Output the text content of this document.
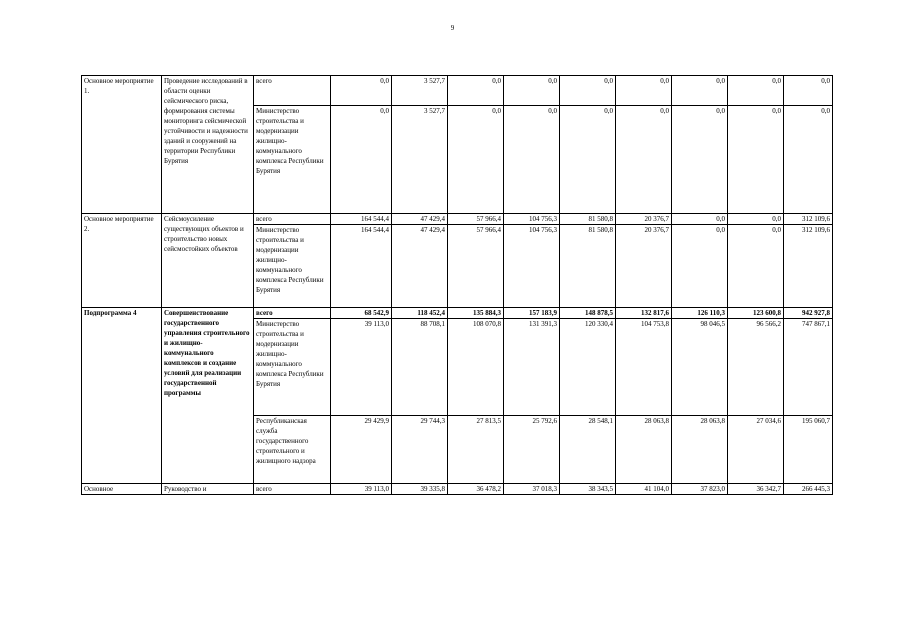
9
Основное мероприятие 1.	Проведение исследований в области оценки сейсмического риска, формирования системы мониторинга сейсмической устойчивости и надежности зданий и сооружений на территории Республики Бурятия	всего	0,0	3 527,7	0,0	0,0	0,0	0,0	0,0	0,0	0,0
		Министерство строительства и модернизации жилищно-коммунального комплекса Республики Бурятия	0,0	3 527,7	0,0	0,0	0,0	0,0	0,0	0,0	0,0
Основное мероприятие 2.	Сейсмоусиление существующих объектов и строительство новых сейсмостойких объектов	всего	164 544,4	47 429,4	57 966,4	104 756,3	81 580,8	20 376,7	0,0	0,0	312 109,6
		Министерство строительства и модернизации жилищно-коммунального комплекса Республики Бурятия	164 544,4	47 429,4	57 966,4	104 756,3	81 580,8	20 376,7	0,0	0,0	312 109,6
Подпрограмма 4	Совершенствование государственного управления строительного и жилищно-коммунального комплексов и создание условий для реализации государственной программы	всего	68 542,9	118 452,4	135 884,3	157 183,9	148 878,5	132 817,6	126 110,3	123 600,8	942 927,8
		Министерство строительства и модернизации жилищно-коммунального комплекса Республики Бурятия	39 113,0	88 708,1	108 070,8	131 391,3	120 330,4	104 753,8	98 046,5	96 566,2	747 867,1
		Республиканская служба государственного строительного и жилищного надзора	29 429,9	29 744,3	27 813,5	25 792,6	28 548,1	28 063,8	28 063,8	27 034,6	195 060,7
Основное	Руководство и	всего	39 113,0	39 335,8	36 478,2	37 018,3	38 343,5	41 104,0	37 823,0	36 342,7	266 445,3
